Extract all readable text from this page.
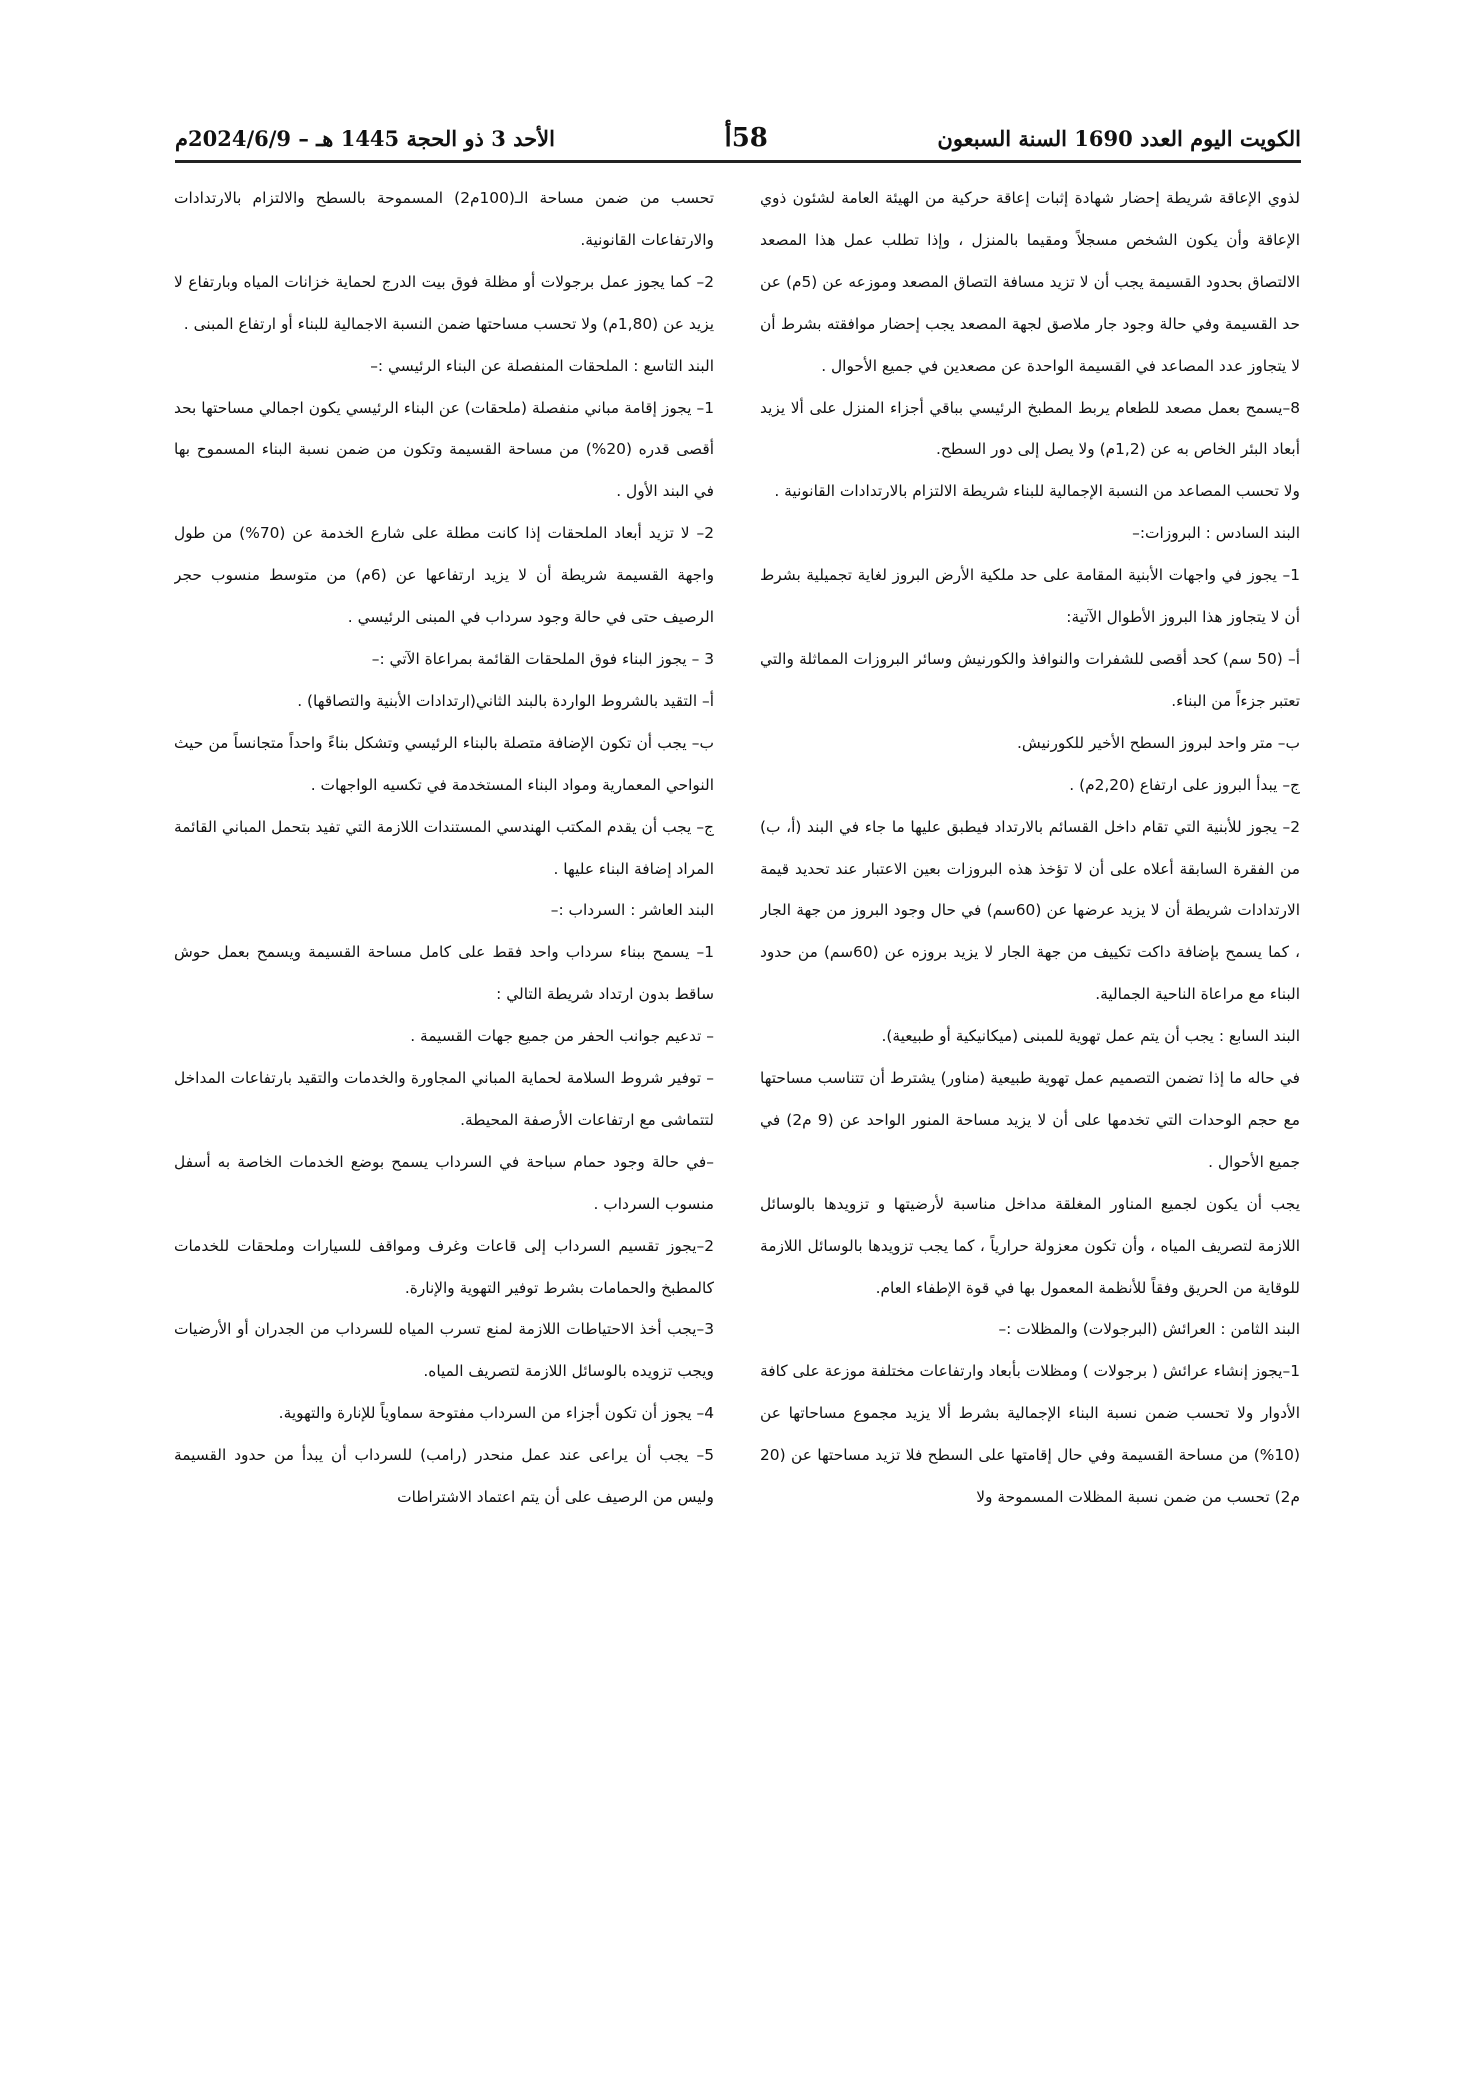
الكويت اليوم العدد 1690 السنة السبعون
58أ
الأحد 3 ذو الحجة 1445 هـ – 2024/6/9م

لذوي الإعاقة شريطة إحضار شهادة إثبات إعاقة حركية من الهيئة العامة لشئون ذوي الإعاقة وأن يكون الشخص مسجلاً ومقيما بالمنزل ، وإذا تطلب عمل هذا المصعد الالتصاق بحدود القسيمة يجب أن لا تزيد مسافة التصاق المصعد وموزعه عن (5م) عن حد القسيمة وفي حالة وجود جار ملاصق لجهة المصعد يجب إحضار موافقته بشرط أن لا يتجاوز عدد المصاعد في القسيمة الواحدة عن مصعدين في جميع الأحوال .

8–يسمح بعمل مصعد للطعام يربط المطبخ الرئيسي بباقي أجزاء المنزل على ألا يزيد أبعاد البئر الخاص به عن (1,2م) ولا يصل إلى دور السطح.

ولا تحسب المصاعد من النسبة الإجمالية للبناء شريطة الالتزام بالارتدادات القانونية .

البند السادس : البروزات:–

1– يجوز في واجهات الأبنية المقامة على حد ملكية الأرض البروز لغاية تجميلية بشرط أن لا يتجاوز هذا البروز الأطوال الآتية:

أ– (50 سم) كحد أقصى للشفرات والنوافذ والكورنيش وسائر البروزات المماثلة والتي تعتبر جزءاً من البناء.

ب– متر واحد لبروز السطح الأخير للكورنيش.

ج– يبدأ البروز على ارتفاع (2,20م) .

2– يجوز للأبنية التي تقام داخل القسائم بالارتداد فيطبق عليها ما جاء في البند (أ، ب) من الفقرة السابقة أعلاه على أن لا تؤخذ هذه البروزات بعين الاعتبار عند تحديد قيمة الارتدادات شريطة أن لا يزيد عرضها عن (60سم) في حال وجود البروز من جهة الجار ، كما يسمح بإضافة داكت تكييف من جهة الجار لا يزيد بروزه عن (60سم) من حدود البناء مع مراعاة الناحية الجمالية.

البند السابع : يجب أن يتم عمل تهوية للمبنى (ميكانيكية أو طبيعية).

في حاله ما إذا تضمن التصميم عمل تهوية طبيعية (مناور) يشترط أن تتناسب مساحتها مع حجم الوحدات التي تخدمها على أن لا يزيد مساحة المنور الواحد عن (9 م2) في جميع الأحوال .

يجب أن يكون لجميع المناور المغلقة مداخل مناسبة لأرضيتها و تزويدها بالوسائل اللازمة لتصريف المياه ، وأن تكون معزولة حرارياً ، كما يجب تزويدها بالوسائل اللازمة للوقاية من الحريق وفقاً للأنظمة المعمول بها في قوة الإطفاء العام.

البند الثامن : العرائش (البرجولات) والمظلات :–

1–يجوز إنشاء عرائش ( برجولات ) ومظلات بأبعاد وارتفاعات مختلفة موزعة على كافة الأدوار ولا تحسب ضمن نسبة البناء الإجمالية بشرط ألا يزيد مجموع مساحاتها عن (10%) من مساحة القسيمة وفي حال إقامتها على السطح فلا تزيد مساحتها عن (20 م2) تحسب من ضمن نسبة المظلات المسموحة ولا

تحسب من ضمن مساحة الـ(100م2) المسموحة بالسطح والالتزام بالارتدادات والارتفاعات القانونية.

2– كما يجوز عمل برجولات أو مظلة فوق بيت الدرج لحماية خزانات المياه وبارتفاع لا يزيد عن (1,80م) ولا تحسب مساحتها ضمن النسبة الاجمالية للبناء أو ارتفاع المبنى .

البند التاسع : الملحقات المنفصلة عن البناء الرئيسي :–

1– يجوز إقامة مباني منفصلة (ملحقات) عن البناء الرئيسي يكون اجمالي مساحتها بحد أقصى قدره (20%) من مساحة القسيمة وتكون من ضمن نسبة البناء المسموح بها في البند الأول .

2– لا تزيد أبعاد الملحقات إذا كانت مطلة على شارع الخدمة عن (70%) من طول واجهة القسيمة شريطة أن لا يزيد ارتفاعها عن (6م) من متوسط منسوب حجر الرصيف حتى في حالة وجود سرداب في المبنى الرئيسي .

3 – يجوز البناء فوق الملحقات القائمة بمراعاة الآتي :–

أ– التقيد بالشروط الواردة بالبند الثاني(ارتدادات الأبنية والتصاقها) .

ب– يجب أن تكون الإضافة متصلة بالبناء الرئيسي وتشكل بناءً واحداً متجانساً من حيث النواحي المعمارية ومواد البناء المستخدمة في تكسيه الواجهات .

ج– يجب أن يقدم المكتب الهندسي المستندات اللازمة التي تفيد بتحمل المباني القائمة المراد إضافة البناء عليها .

البند العاشر : السرداب :–

1– يسمح ببناء سرداب واحد فقط على كامل مساحة القسيمة ويسمح بعمل حوش ساقط بدون ارتداد شريطة التالي :

– تدعيم جوانب الحفر من جميع جهات القسيمة .

– توفير شروط السلامة لحماية المباني المجاورة والخدمات والتقيد بارتفاعات المداخل لتتماشى مع ارتفاعات الأرصفة المحيطة.

–في حالة وجود حمام سباحة في السرداب يسمح بوضع الخدمات الخاصة به أسفل منسوب السرداب .

2–يجوز تقسيم السرداب إلى قاعات وغرف ومواقف للسيارات وملحقات للخدمات كالمطبخ والحمامات بشرط توفير التهوية والإنارة.

3–يجب أخذ الاحتياطات اللازمة لمنع تسرب المياه للسرداب من الجدران أو الأرضيات ويجب تزويده بالوسائل اللازمة لتصريف المياه.

4– يجوز أن تكون أجزاء من السرداب مفتوحة سماوياً للإنارة والتهوية.

5– يجب أن يراعى عند عمل منحدر (رامب) للسرداب أن يبدأ من حدود القسيمة وليس من الرصيف على أن يتم اعتماد الاشتراطات
